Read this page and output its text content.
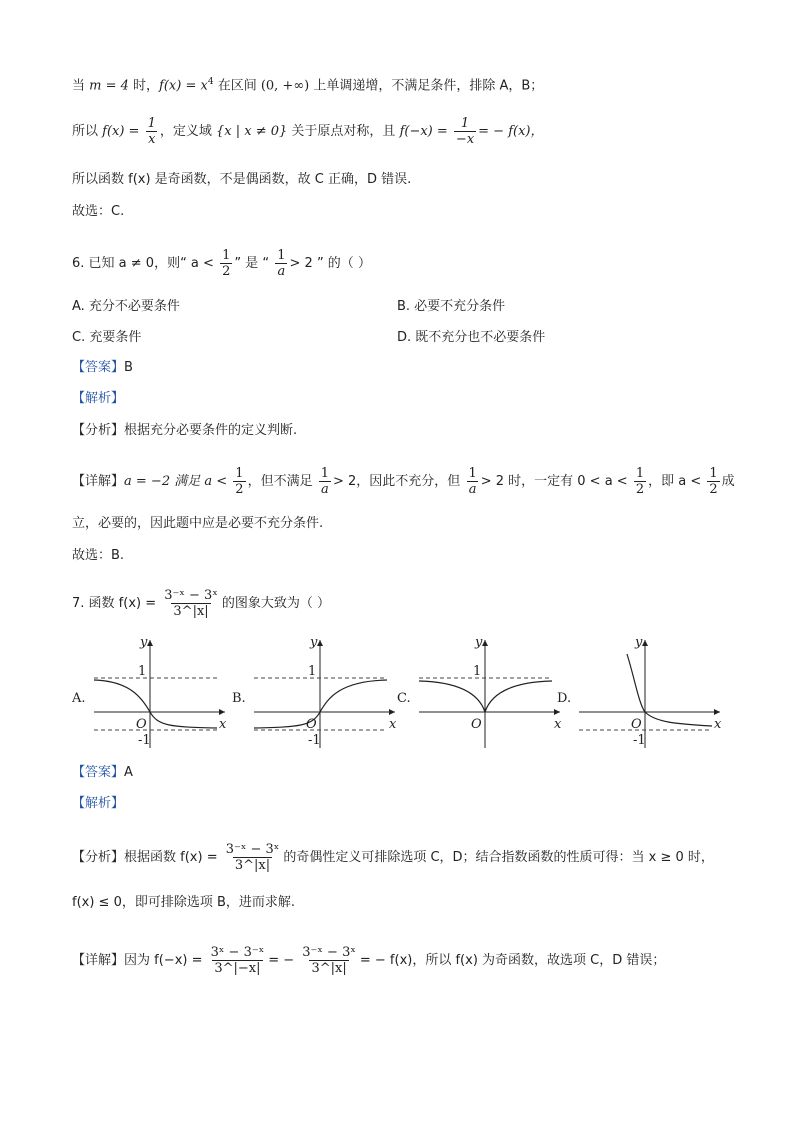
当 m = 4 时，$f(x) = x^4$ 在区间 (0, +∞) 上单调递增，不满足条件，排除 A，B；
所以 $f(x) = \frac{1}{x}$ ，定义域 {x | x ≠ 0} 关于原点对称，且 $f(-x) = \frac{1}{-x}$ = − f(x)，
所以函数 f(x) 是奇函数，不是偶函数，故 C 正确，D 错误.
故选：C.
6. 已知 a ≠ 0，则“ $a < \frac{1}{2}$ ” 是 “ $\frac{1}{a} > 2$ ” 的（ ）
A. 充分不必要条件	B. 必要不充分条件
C. 充要条件	D. 既不充分也不必要条件
【答案】B
【解析】
【分析】根据充分必要条件的定义判断.
【详解】a = −2 满足 $a < \frac{1}{2}$ ，但不满足 $\frac{1}{a} > 2$，因此不充分，但 $\frac{1}{a} > 2$ 时，一定有 $0 < a < \frac{1}{2}$ ，即 $a < \frac{1}{2}$ 成
立，必要的，因此题中应是必要不充分条件.
故选：B.
7. 函数 $f(x) = \frac{\text{3⁻ˣ − 3ˣ}}{3\^{}|x|}$ 的图象大致为（ ）
A.
y
x
O
1
-1
B.
y
x
O
1
-1
C.
y
x
O
1
D.
y
x
O
-1
【答案】A
【解析】
【分析】根据函数 $f(x) = \frac{\text{3⁻ˣ − 3ˣ}}{3\^{}|x|}$ 的奇偶性定义可排除选项 C，D；结合指数函数的性质可得：当 x ≥ 0 时，
f(x) ≤ 0，即可排除选项 B，进而求解.
【详解】因为 $f(-x) = \frac{\text{3ˣ − 3⁻ˣ}}{3\^{}|-x|}$ = − $\frac{\text{3⁻ˣ − 3ˣ}}{3\^{}|x|}$ = − f(x)，所以 f(x) 为奇函数，故选项 C，D 错误；
